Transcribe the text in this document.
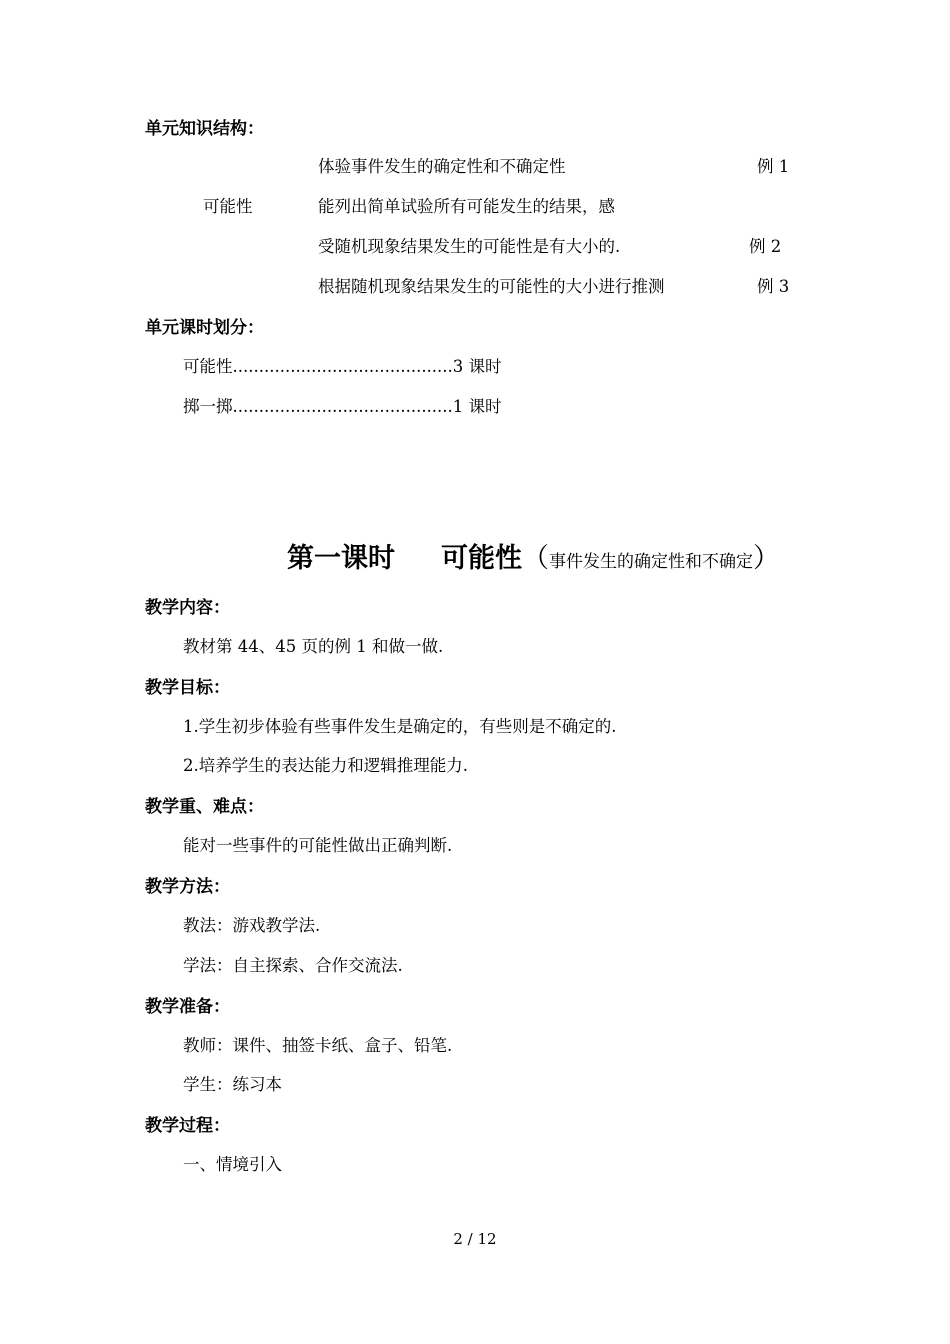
单元知识结构：
可能性
体验事件发生的确定性和不确定性	例 1
能列出简单试验所有可能发生的结果，感
受随机现象结果发生的可能性是有大小的.	例 2
根据随机现象结果发生的可能性的大小进行推测	例 3
单元课时划分：
可能性..........................................3 课时
掷一掷..........................................1 课时
第一课时 可能性（事件发生的确定性和不确定）
教学内容：
教材第 44、45 页的例 1 和做一做.
教学目标：
1.学生初步体验有些事件发生是确定的，有些则是不确定的.
2.培养学生的表达能力和逻辑推理能力.
教学重、难点：
能对一些事件的可能性做出正确判断.
教学方法：
教法：游戏教学法.
学法：自主探索、合作交流法.
教学准备：
教师：课件、抽签卡纸、盒子、铅笔.
学生：练习本
教学过程：
一、情境引入
2 / 12
